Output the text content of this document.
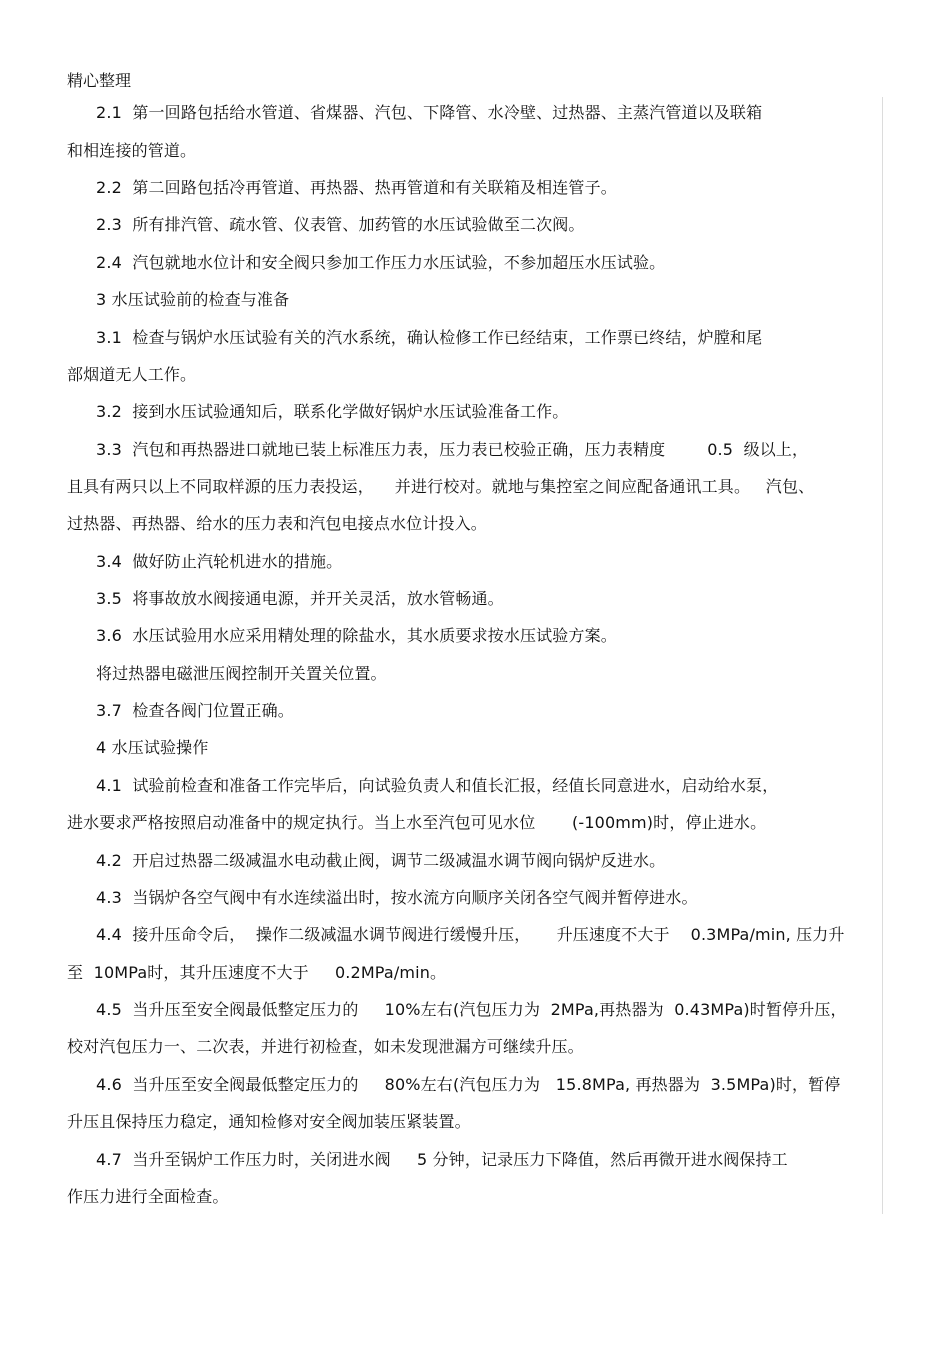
精心整理
2.1  第一回路包括给水管道、省煤器、汽包、下降管、水冷壁、过热器、主蒸汽管道以及联箱
和相连接的管道。
2.2  第二回路包括冷再管道、再热器、热再管道和有关联箱及相连管子。
2.3  所有排汽管、疏水管、仪表管、加药管的水压试验做至二次阀。
2.4  汽包就地水位计和安全阀只参加工作压力水压试验，不参加超压水压试验。
3 水压试验前的检查与准备
3.1  检查与锅炉水压试验有关的汽水系统，确认检修工作已经结束，工作票已终结，炉膛和尾
部烟道无人工作。
3.2  接到水压试验通知后，联系化学做好锅炉水压试验准备工作。
3.3  汽包和再热器进口就地已装上标准压力表，压力表已校验正确，压力表精度        0.5  级以上，
且具有两只以上不同取样源的压力表投运，    并进行校对。就地与集控室之间应配备通讯工具。   汽包、
过热器、再热器、给水的压力表和汽包电接点水位计投入。
3.4  做好防止汽轮机进水的措施。
3.5  将事故放水阀接通电源，并开关灵活，放水管畅通。
3.6  水压试验用水应采用精处理的除盐水，其水质要求按水压试验方案。
将过热器电磁泄压阀控制开关置关位置。
3.7  检查各阀门位置正确。
4 水压试验操作
4.1  试验前检查和准备工作完毕后，向试验负责人和值长汇报，经值长同意进水，启动给水泵，
进水要求严格按照启动准备中的规定执行。当上水至汽包可见水位       (-100mm)时，停止进水。
4.2  开启过热器二级减温水电动截止阀，调节二级减温水调节阀向锅炉反进水。
4.3  当锅炉各空气阀中有水连续溢出时，按水流方向顺序关闭各空气阀并暂停进水。
4.4  接升压命令后，  操作二级减温水调节阀进行缓慢升压，     升压速度不大于    0.3MPa/min, 压力升
至  10MPa时，其升压速度不大于     0.2MPa/min。
4.5  当升压至安全阀最低整定压力的     10%左右(汽包压力为  2MPa,再热器为  0.43MPa)时暂停升压，
校对汽包压力一、二次表，并进行初检查，如未发现泄漏方可继续升压。
4.6  当升压至安全阀最低整定压力的     80%左右(汽包压力为   15.8MPa, 再热器为  3.5MPa)时，暂停
升压且保持压力稳定，通知检修对安全阀加装压紧装置。
4.7  当升至锅炉工作压力时，关闭进水阀     5 分钟，记录压力下降值，然后再微开进水阀保持工
作压力进行全面检查。
